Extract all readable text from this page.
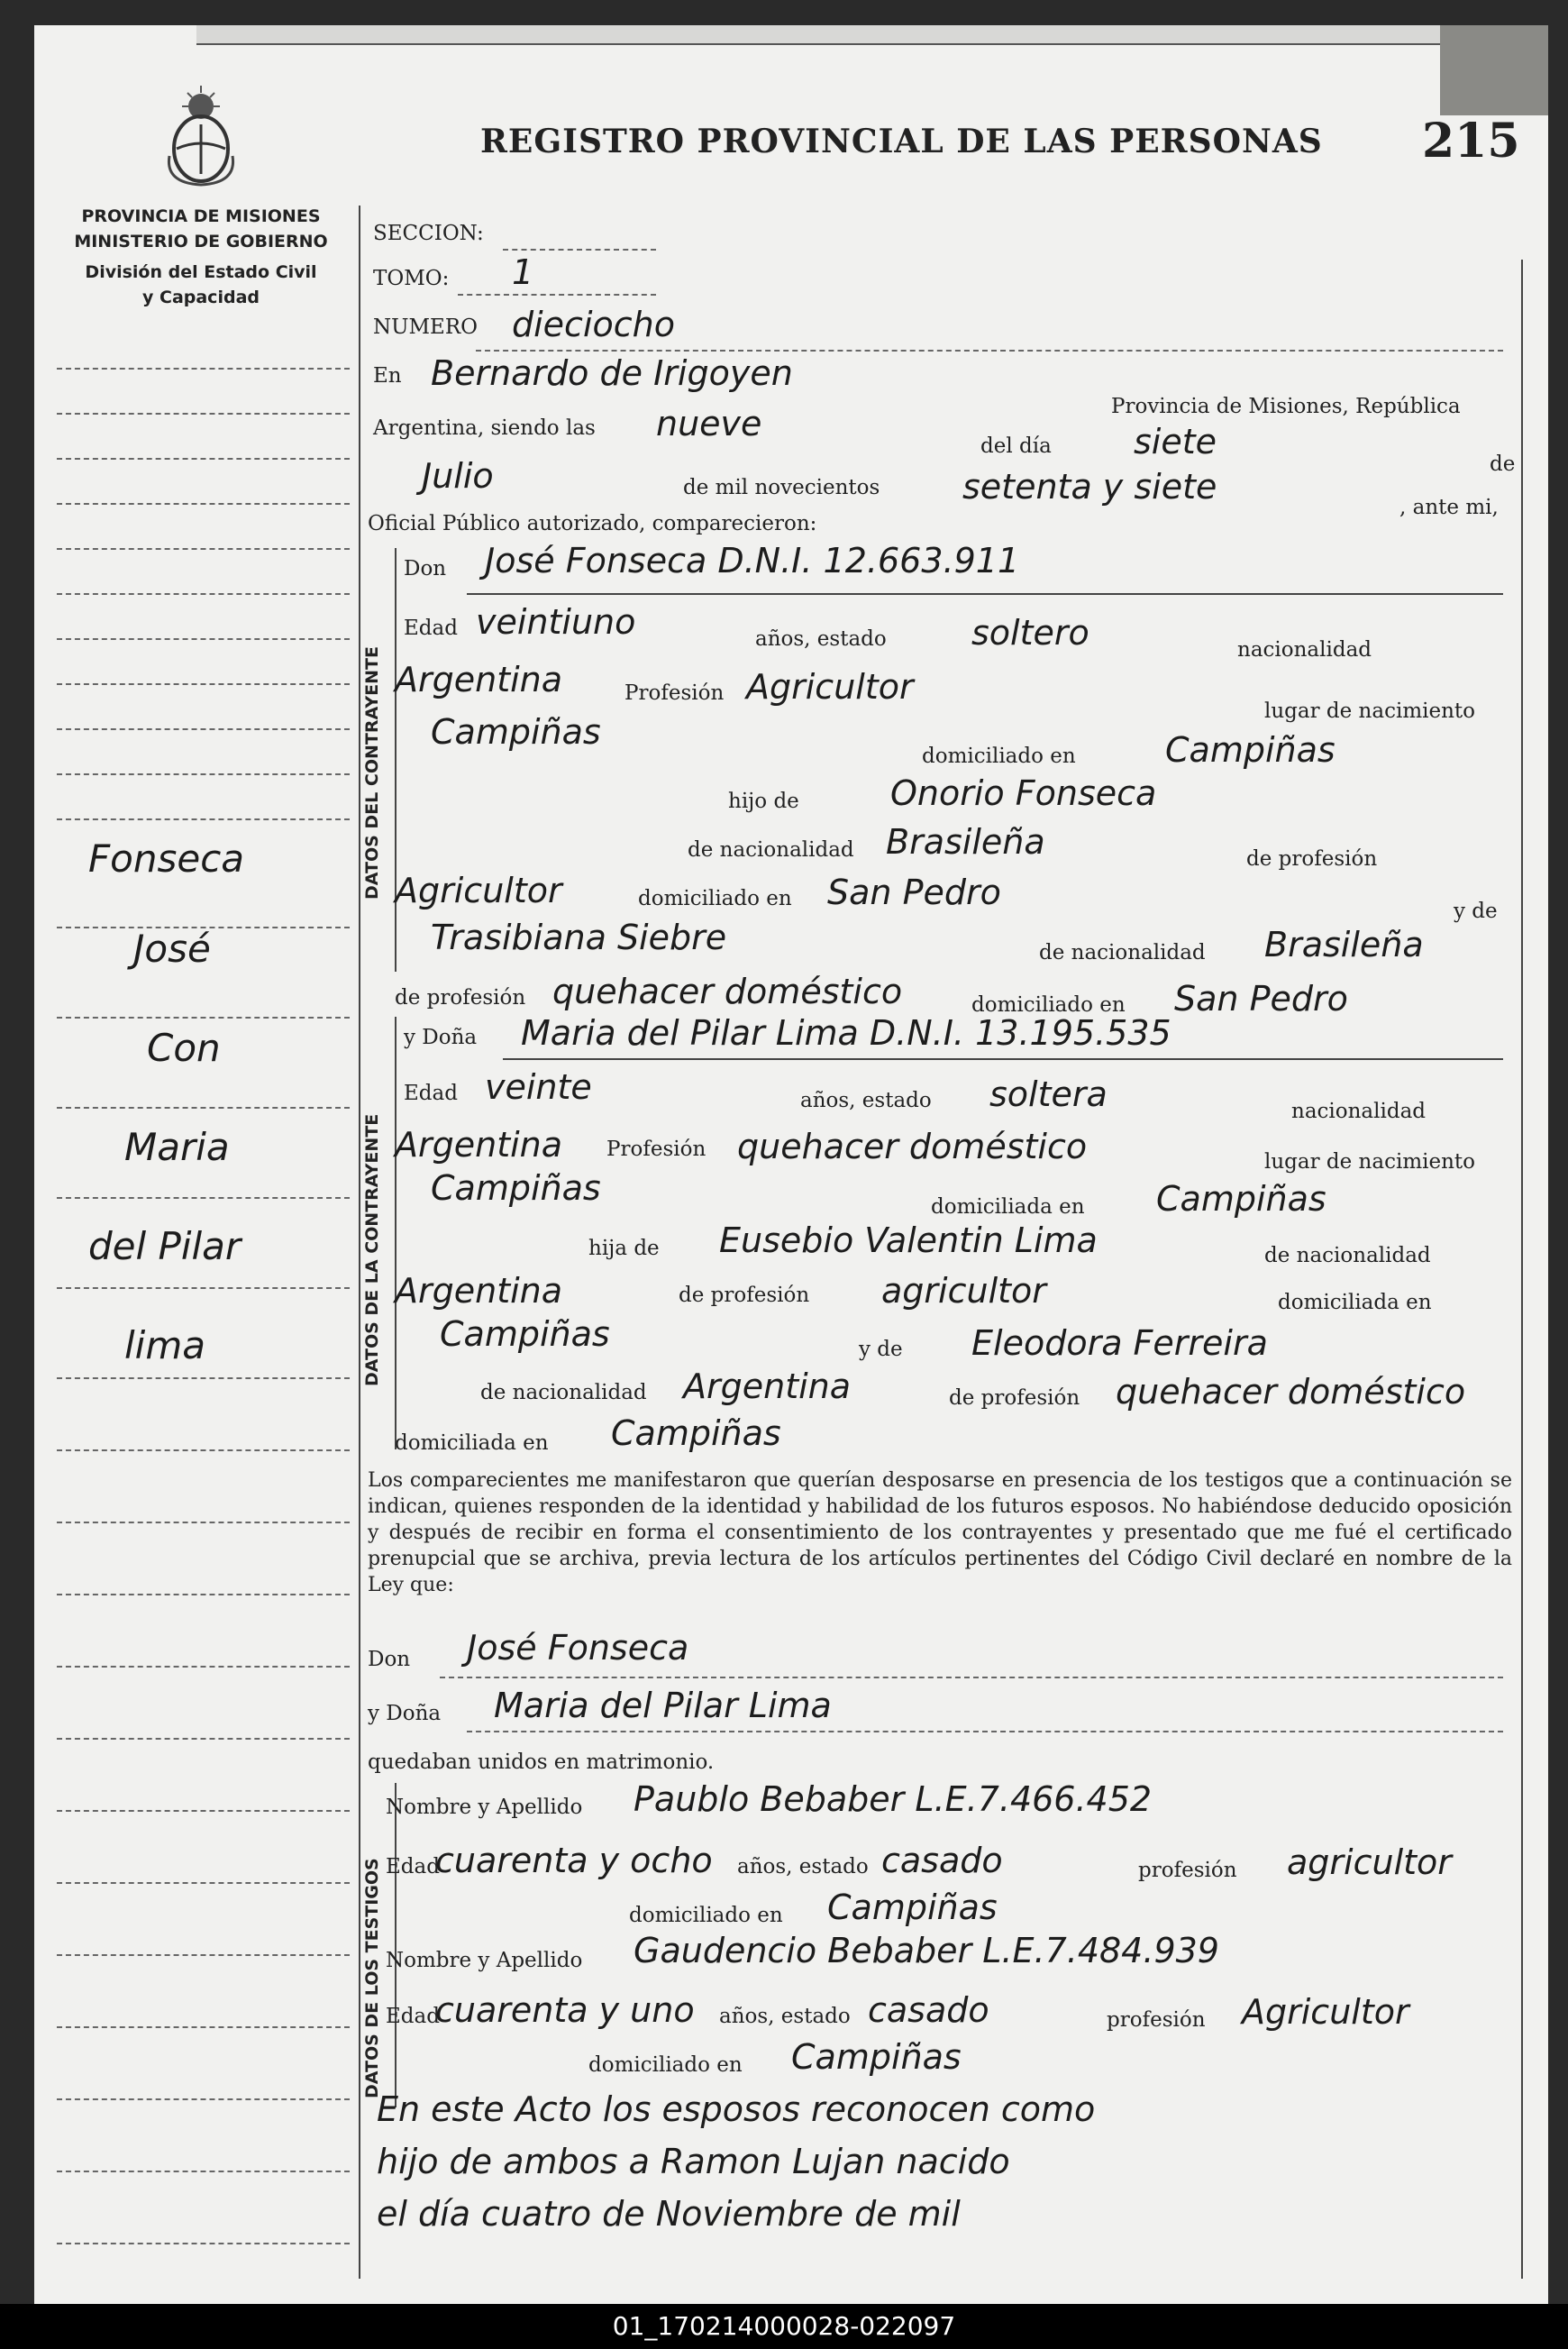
REGISTRO PROVINCIAL DE LAS PERSONAS 215
PROVINCIA DE MISIONES
MINISTERIO DE GOBIERNO
División del Estado Civil
y Capacidad
Fonseca
José
Con
Maria
del Pilar
lima
SECCION:
TOMO: 1
NUMERO dieciocho
En Bernardo de Irigoyen
Provincia de Misiones, República
Argentina, siendo las nueve
del día siete
de
Julio	de mil novecientos setenta y siete
, ante mi,
Oficial Público autorizado, comparecieron:
DATOS DEL CONTRAYENTE
Don José Fonseca D.N.I. 12.663.911
Edad veintiuno	años, estado soltero	nacionalidad
Argentina	Profesión Agricultor
lugar de nacimiento
Campiñas
domiciliado en	Campiñas
hijo de	Onorio Fonseca
de nacionalidad Brasileña	de profesión
Agricultor	domiciliado en San Pedro	y de
Trasibiana Siebre	de nacionalidad Brasileña
de profesión quehacer doméstico	domiciliado en San Pedro
DATOS DE LA CONTRAYENTE
y Doña Maria del Pilar Lima D.N.I. 13.195.535
Edad veinte	años, estado soltera	nacionalidad
Argentina Profesión quehacer doméstico	lugar de nacimiento
Campiñas	domiciliada en Campiñas
hija de Eusebio Valentin Lima	de nacionalidad
Argentina	de profesión agricultor	domiciliada en
Campiñas	y de Eleodora Ferreira
de nacionalidad Argentina	de profesión quehacer doméstico
domiciliada en Campiñas
Los comparecientes me manifestaron que querían desposarse en presencia de los testigos que a continuación se indican, quienes responden de la identidad y habilidad de los futuros esposos. No habiéndose deducido oposición y después de recibir en forma el consentimiento de los contrayentes y presentado que me fué el certificado prenupcial que se archiva, previa lectura de los artículos pertinentes del Código Civil declaré en nombre de la Ley que:
Don José Fonseca
y Doña Maria del Pilar Lima
quedaban unidos en matrimonio.
DATOS DE LOS TESTIGOS
Nombre y Apellido Paublo Bebaber L.E.7.466.452
Edad
cuarenta y ocho años, estado casado	profesión agricultor
domiciliado en Campiñas
Nombre y Apellido Gaudencio Bebaber L.E.7.484.939
Edad
cuarenta y uno años, estado casado	profesión Agricultor
domiciliado en Campiñas
En este Acto los esposos reconocen como
hijo de ambos a Ramon Lujan nacido
el día cuatro de Noviembre de mil
01_170214000028-022097
